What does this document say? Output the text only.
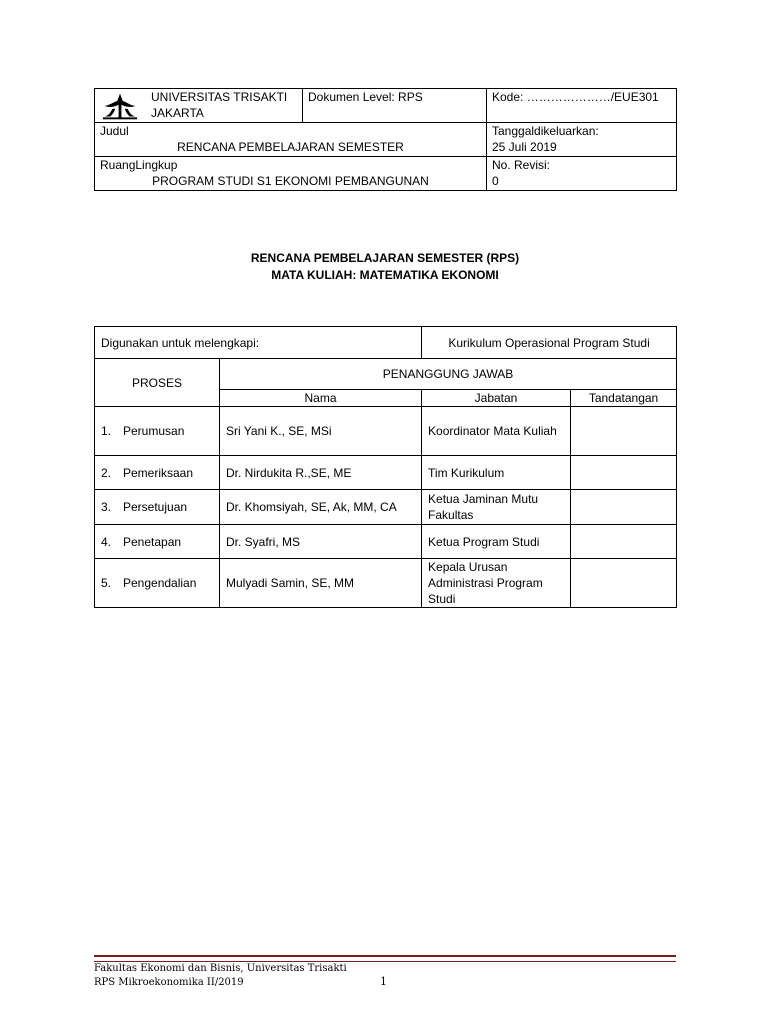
UNIVERSITAS TRISAKTI
JAKARTA	Dokumen Level: RPS	Kode: …………………/EUE301
Judul
RENCANA PEMBELAJARAN SEMESTER		Tanggaldikeluarkan:
25 Juli 2019
RuangLingkup
PROGRAM STUDI S1 EKONOMI PEMBANGUNAN		No. Revisi:
0
RENCANA PEMBELAJARAN SEMESTER (RPS)
MATA KULIAH: MATEMATIKA EKONOMI
Digunakan untuk melengkapi:		Kurikulum Operasional Program Studi	
PROSES	PENANGGUNG JAWAB		
	Nama	Jabatan	Tandatangan
1. Perumusan	Sri Yani K., SE, MSi	Koordinator Mata Kuliah	
2. Pemeriksaan	Dr. Nirdukita R.,SE, ME	Tim Kurikulum	
3. Persetujuan	Dr. Khomsiyah, SE, Ak, MM, CA	Ketua Jaminan Mutu Fakultas	
4. Penetapan	Dr. Syafri, MS	Ketua Program Studi	
5. Pengendalian	Mulyadi Samin, SE, MM	Kepala Urusan Administrasi Program Studi	
Fakultas Ekonomi dan Bisnis, Universitas Trisakti
RPS Mikroekonomika II/2019	1
